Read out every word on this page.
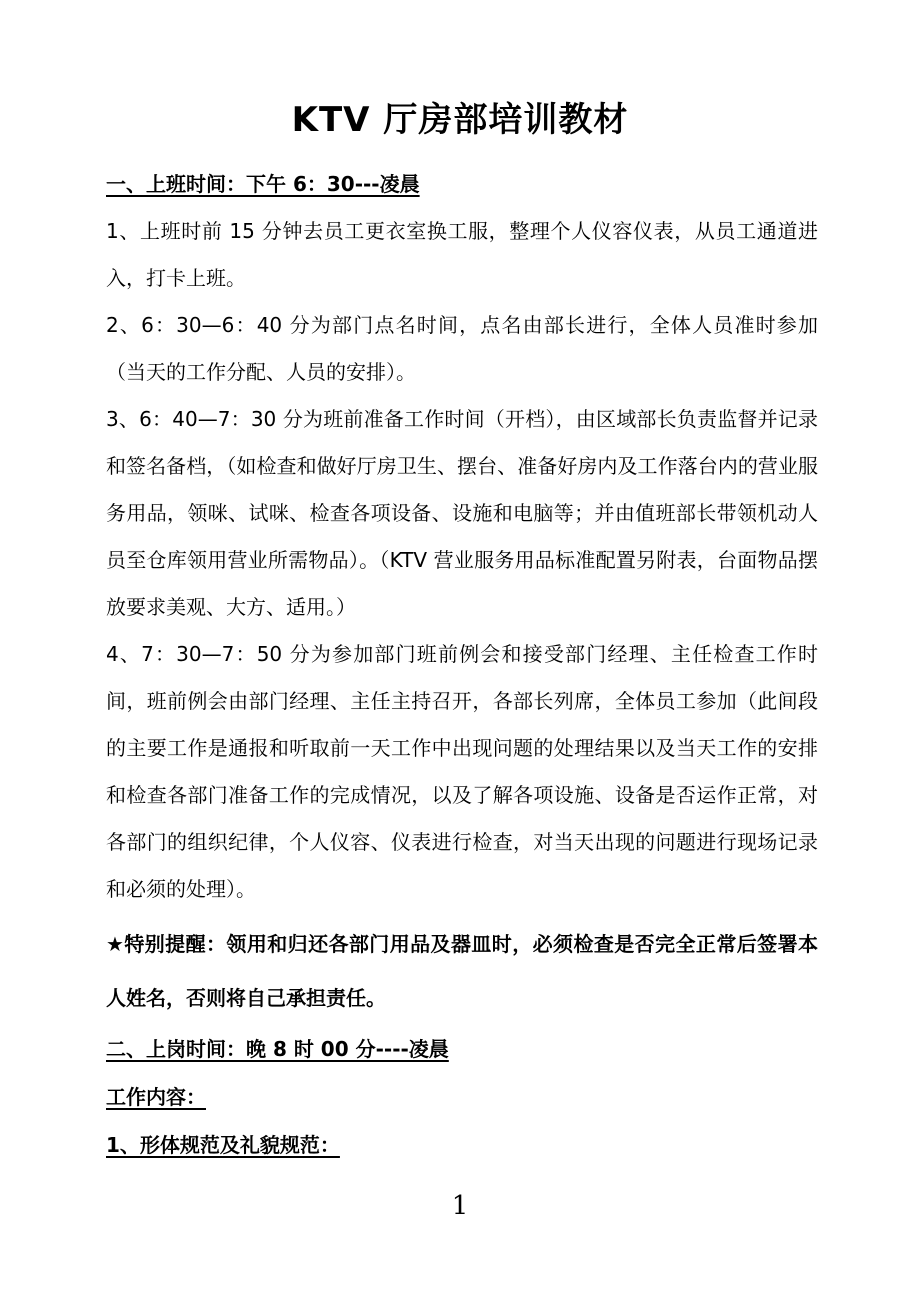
KTV 厅房部培训教材
一、上班时间：下午 6：30---凌晨

1、上班时前 15 分钟去员工更衣室换工服，整理个人仪容仪表，从员工通道进入，打卡上班。

2、6：30—6：40 分为部门点名时间，点名由部长进行，全体人员准时参加（当天的工作分配、人员的安排）。

3、6：40—7：30 分为班前准备工作时间（开档），由区域部长负责监督并记录和签名备档，（如检查和做好厅房卫生、摆台、准备好房内及工作落台内的营业服务用品，领咪、试咪、检查各项设备、设施和电脑等；并由值班部长带领机动人员至仓库领用营业所需物品）。（KTV 营业服务用品标准配置另附表，台面物品摆放要求美观、大方、适用。）

4、7：30—7：50 分为参加部门班前例会和接受部门经理、主任检查工作时间，班前例会由部门经理、主任主持召开，各部长列席，全体员工参加（此间段的主要工作是通报和听取前一天工作中出现问题的处理结果以及当天工作的安排和检查各部门准备工作的完成情况，以及了解各项设施、设备是否运作正常，对各部门的组织纪律，个人仪容、仪表进行检查，对当天出现的问题进行现场记录和必须的处理）。

★特别提醒：领用和归还各部门用品及器皿时，必须检查是否完全正常后签署本人姓名，否则将自己承担责任。

二、上岗时间：晚 8 时 00 分----凌晨
工作内容：
1、形体规范及礼貌规范：
1
